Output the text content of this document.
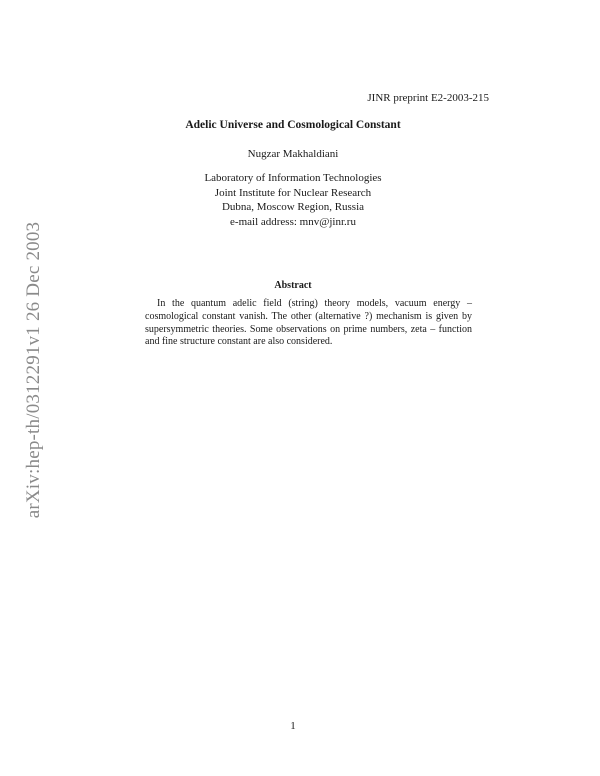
arXiv:hep-th/0312291v1 26 Dec 2003
JINR preprint E2-2003-215
Adelic Universe and Cosmological Constant
Nugzar Makhaldiani
Laboratory of Information Technologies
Joint Institute for Nuclear Research
Dubna, Moscow Region, Russia
e-mail address: mnv@jinr.ru
Abstract
In the quantum adelic field (string) theory models, vacuum energy – cosmological constant vanish. The other (alternative ?) mechanism is given by supersymmetric theories. Some observations on prime numbers, zeta – function and fine structure constant are also considered.
1
